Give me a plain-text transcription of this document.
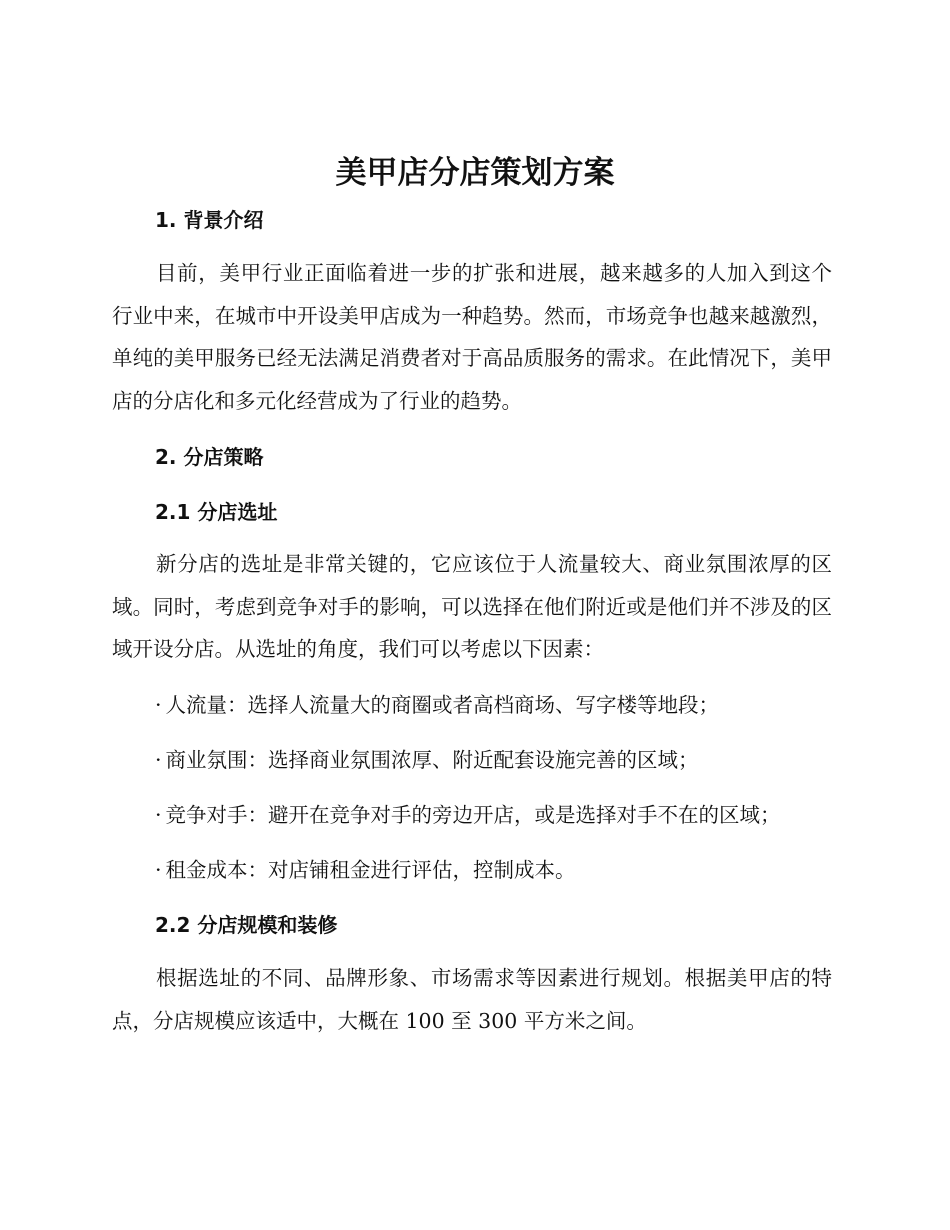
美甲店分店策划方案
1. 背景介绍

目前，美甲行业正面临着进一步的扩张和进展，越来越多的人加入到这个行业中来，在城市中开设美甲店成为一种趋势。然而，市场竞争也越来越激烈，单纯的美甲服务已经无法满足消费者对于高品质服务的需求。在此情况下，美甲店的分店化和多元化经营成为了行业的趋势。

2. 分店策略
2.1 分店选址

新分店的选址是非常关键的，它应该位于人流量较大、商业氛围浓厚的区域。同时，考虑到竞争对手的影响，可以选择在他们附近或是他们并不涉及的区域开设分店。从选址的角度，我们可以考虑以下因素：

· 人流量：选择人流量大的商圈或者高档商场、写字楼等地段；

· 商业氛围：选择商业氛围浓厚、附近配套设施完善的区域；

· 竞争对手：避开在竞争对手的旁边开店，或是选择对手不在的区域；

· 租金成本：对店铺租金进行评估，控制成本。

2.2 分店规模和装修

根据选址的不同、品牌形象、市场需求等因素进行规划。根据美甲店的特点，分店规模应该适中，大概在 100 至 300 平方米之间。
